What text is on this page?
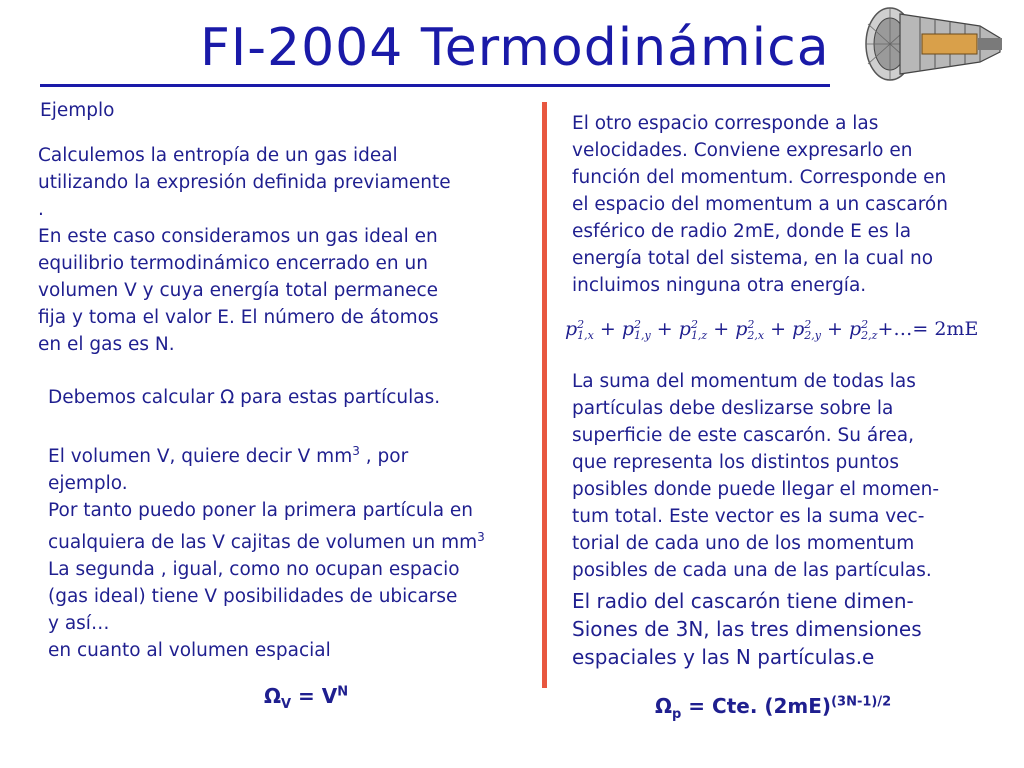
FI-2004 Termodinámica
Ejemplo
Calculemos la entropía de un gas ideal
utilizando la expresión definida previamente
.
En este caso consideramos un gas ideal en
equilibrio termodinámico encerrado en un
volumen V y cuya energía total permanece
fija y toma el valor E. El número de átomos
en el gas es N.
Debemos calcular Ω para estas partículas.
El volumen V, quiere decir V $mm^3$ , por
ejemplo.
Por tanto puedo poner la primera partícula en
cualquiera de las V cajitas de volumen un $mm^3$
La segunda , igual, como no ocupan espacio
(gas ideal) tiene V posibilidades de ubicarse
y así…
en cuanto al volumen espacial
$\Omega_V = V^N$
El otro espacio corresponde a las
velocidades. Conviene expresarlo en
función del momentum. Corresponde en
el espacio del momentum a un cascarón
esférico de radio 2mE, donde E es la
energía total del sistema, en la cual no
incluimos ninguna otra energía.
p 2
1,x + p 2
1,y + p 2
1,z + p 2
2,x + p 2
2,y + p 2
2,z +…= 2mE
La suma del momentum de todas las
partículas debe deslizarse sobre la
superficie de este cascarón. Su área,
que representa los distintos puntos
posibles donde puede llegar el momen-
tum total. Este vector es la suma vec-
torial de cada uno de los momentum
posibles de cada una de las partículas.
El radio del cascarón tiene dimen-
Siones de 3N, las tres dimensiones
espaciales y las N partículas.e
$\Omega_p$ = Cte. $(2mE)^{(3N-1)/2}$
